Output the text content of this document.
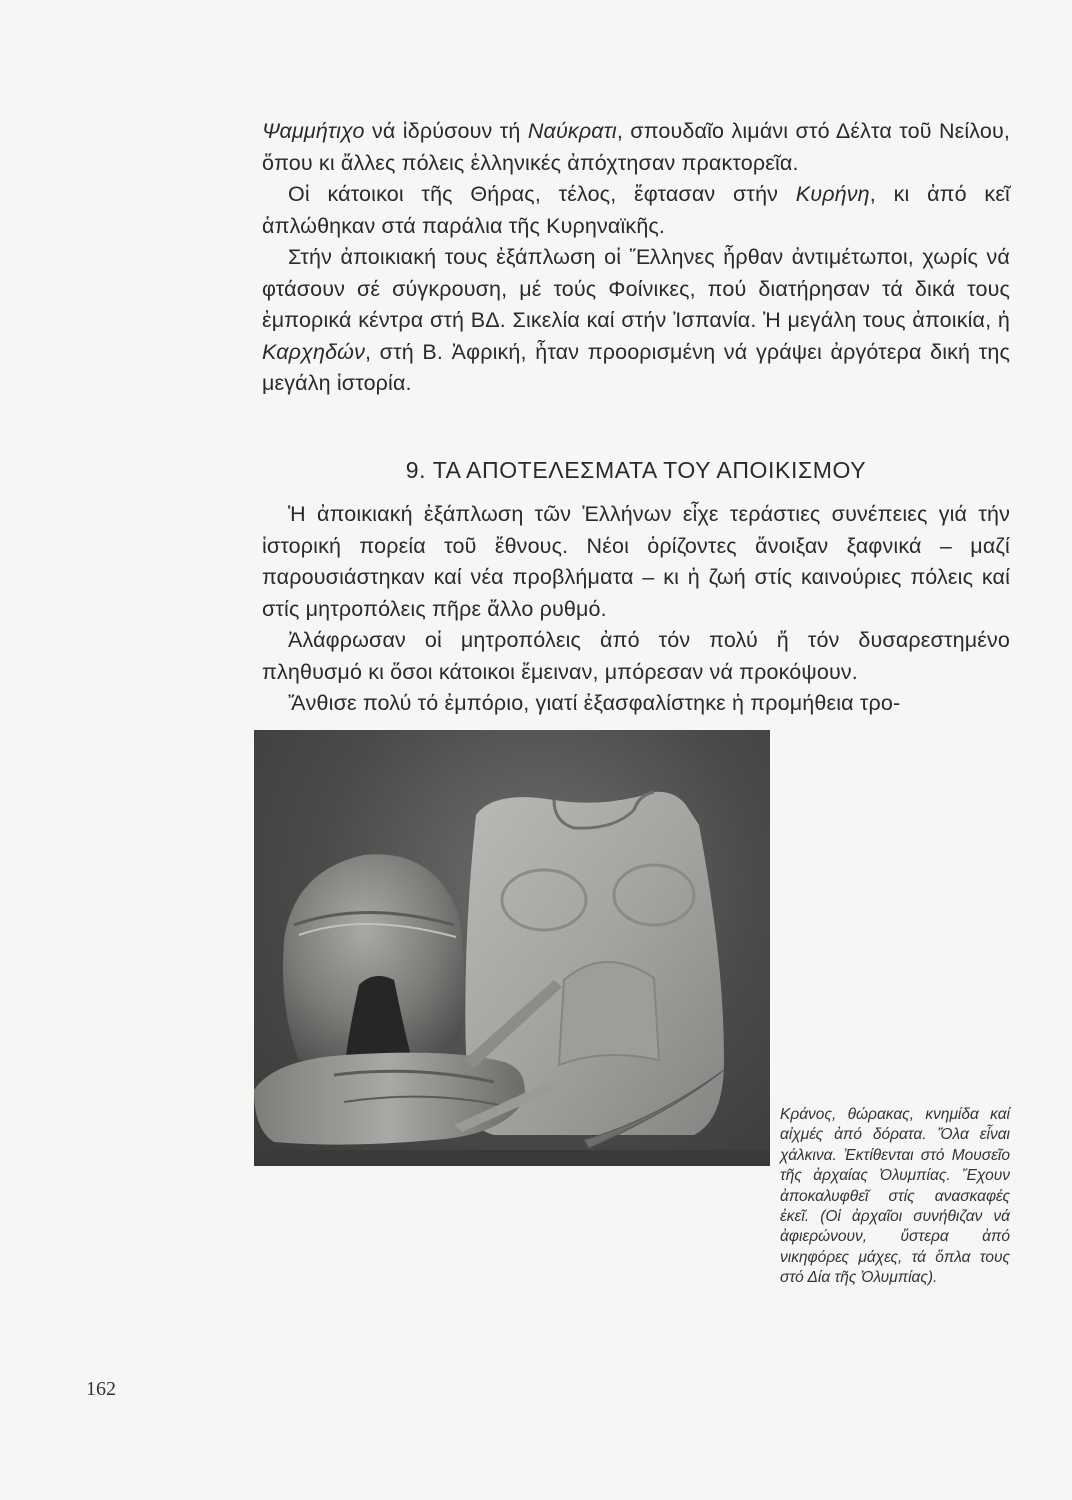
Ψαμμήτιχο νά ἱδρύσουν τή Ναύκρατι, σπουδαῖο λιμάνι στό Δέλτα τοῦ Νείλου, ὅπου κι ἄλλες πόλεις ἑλληνικές ἀπόχτησαν πρακτορεῖα.

Οἱ κάτοικοι τῆς Θήρας, τέλος, ἔφτασαν στήν Κυρήνη, κι ἀπό κεῖ ἁπλώθηκαν στά παράλια τῆς Κυρηναϊκῆς.

Στήν ἀποικιακή τους ἐξάπλωση οἱ Ἕλληνες ἦρθαν ἀντιμέτωποι, χωρίς νά φτάσουν σέ σύγκρουση, μέ τούς Φοίνικες, πού διατήρησαν τά δικά τους ἐμπορικά κέντρα στή ΒΔ. Σικελία καί στήν Ἰσπανία. Ἡ μεγάλη τους ἀποικία, ἡ Καρχηδών, στή Β. Ἀφρική, ἦταν προορισμένη νά γράψει ἀργότερα δική της μεγάλη ἱστορία.

9. ΤΑ ΑΠΟΤΕΛΕΣΜΑΤΑ ΤΟΥ ΑΠΟΙΚΙΣΜΟΥ

Ἡ ἀποικιακή ἐξάπλωση τῶν Ἑλλήνων εἶχε τεράστιες συνέπειες γιά τήν ἱστορική πορεία τοῦ ἔθνους. Νέοι ὁρίζοντες ἄνοιξαν ξαφνικά – μαζί παρουσιάστηκαν καί νέα προβλήματα – κι ἡ ζωή στίς καινούριες πόλεις καί στίς μητροπόλεις πῆρε ἄλλο ρυθμό.

Ἀλάφρωσαν οἱ μητροπόλεις ἀπό τόν πολύ ἤ τόν δυσαρεστημένο πληθυσμό κι ὅσοι κάτοικοι ἔμειναν, μπόρεσαν νά προκόψουν.

Ἄνθισε πολύ τό ἐμπόριο, γιατί ἐξασφαλίστηκε ἡ προμήθεια τρο-

Κράνος, θώρακας, κνημίδα καί αἰχμές ἀπό δόρατα. Ὅλα εἶναι χάλκινα. Ἐκτίθενται στό Μουσεῖο τῆς ἀρχαίας Ὀλυμπίας. Ἔχουν ἀποκαλυφθεῖ στίς ανασκαφές ἐκεῖ. (Οἱ ἀρχαῖοι συνήθιζαν νά ἀφιερώνουν, ὕστερα ἀπό νικηφόρες μάχες, τά ὅπλα τους στό Δία τῆς Ὀλυμπίας).
162
